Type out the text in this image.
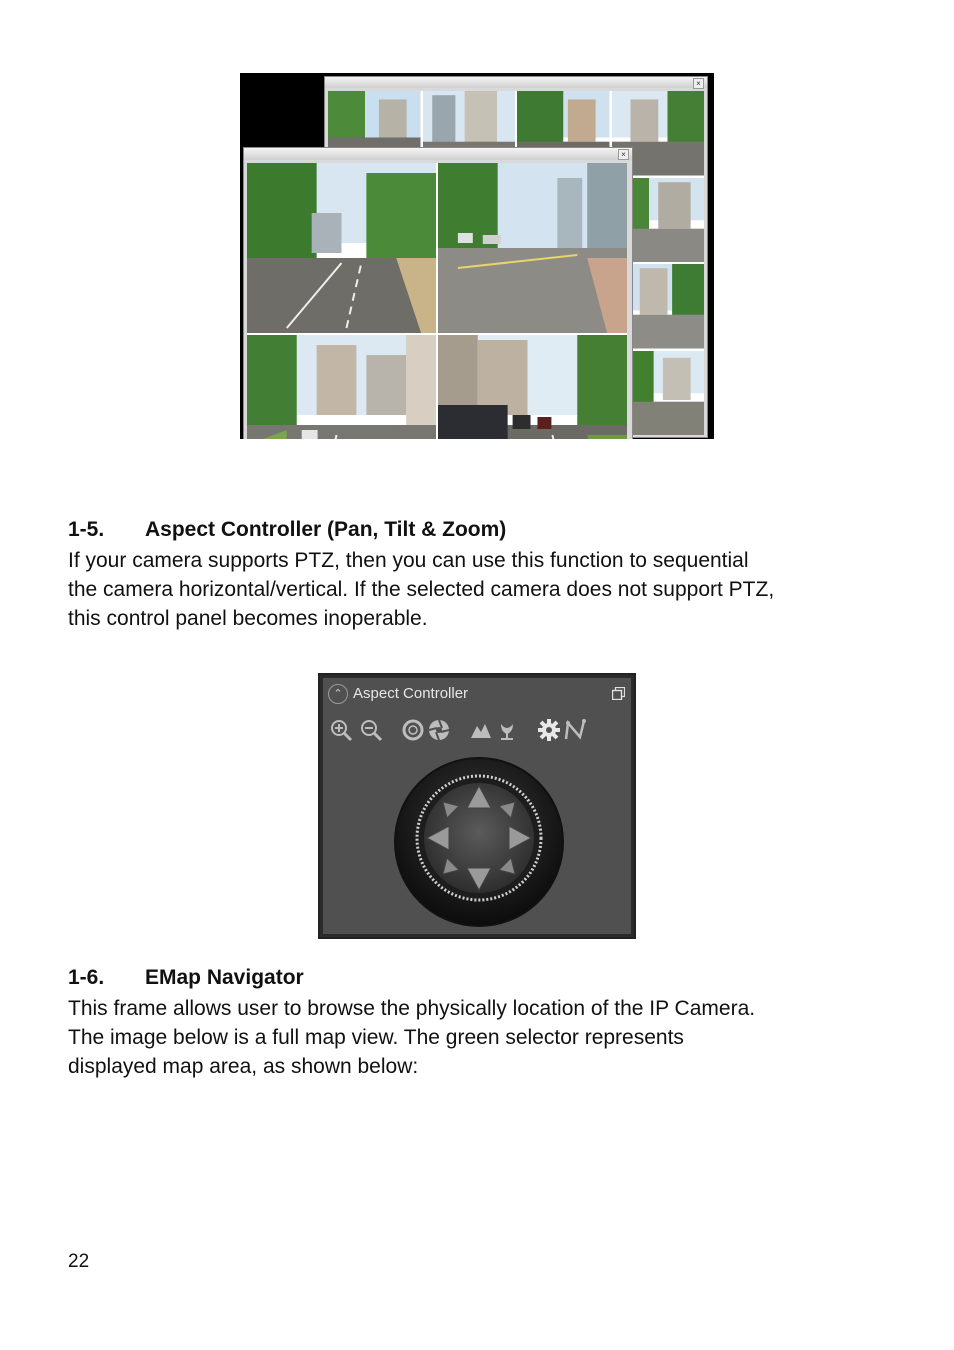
×
×
1-5. Aspect Controller (Pan, Tilt & Zoom)

If your camera supports PTZ, then you can use this function to sequential

the camera horizontal/vertical. If the selected camera does not support PTZ,

this control panel becomes inoperable.

⌃ Aspect Controller
1-6. EMap Navigator

This frame allows user to browse the physically location of the IP Camera.

The image below is a full map view. The green selector represents

displayed map area, as shown below:

22
